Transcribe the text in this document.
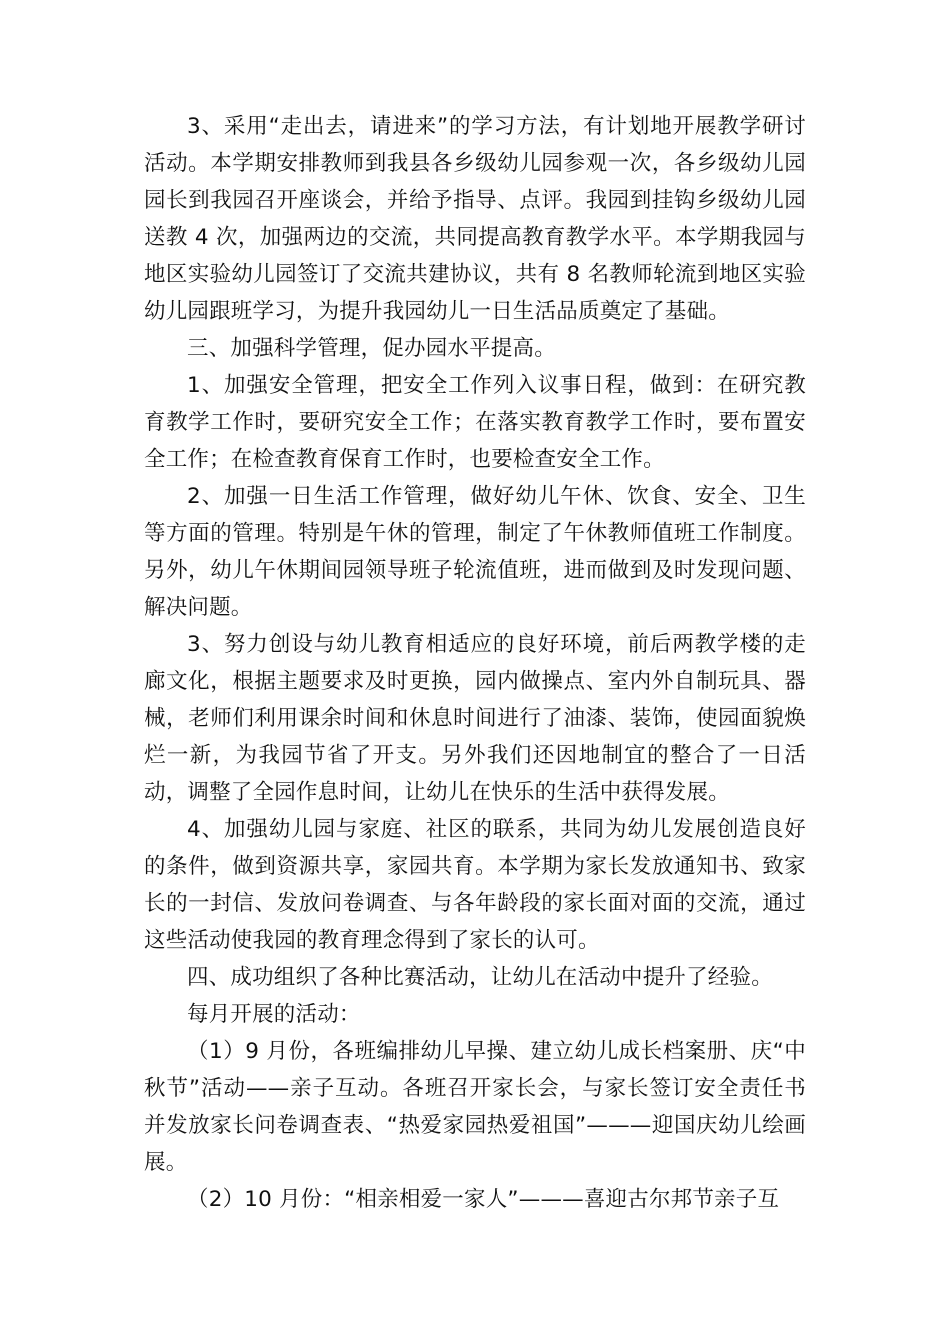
3、采用“走出去，请进来”的学习方法，有计划地开展教学研讨活动。本学期安排教师到我县各乡级幼儿园参观一次，各乡级幼儿园园长到我园召开座谈会，并给予指导、点评。我园到挂钩乡级幼儿园送教 4 次，加强两边的交流，共同提高教育教学水平。本学期我园与地区实验幼儿园签订了交流共建协议，共有 8 名教师轮流到地区实验幼儿园跟班学习，为提升我园幼儿一日生活品质奠定了基础。

三、加强科学管理，促办园水平提高。

1、加强安全管理，把安全工作列入议事日程，做到：在研究教育教学工作时，要研究安全工作；在落实教育教学工作时，要布置安全工作；在检查教育保育工作时，也要检查安全工作。

2、加强一日生活工作管理，做好幼儿午休、饮食、安全、卫生等方面的管理。特别是午休的管理，制定了午休教师值班工作制度。另外，幼儿午休期间园领导班子轮流值班，进而做到及时发现问题、解决问题。

3、努力创设与幼儿教育相适应的良好环境，前后两教学楼的走廊文化，根据主题要求及时更换，园内做操点、室内外自制玩具、器械，老师们利用课余时间和休息时间进行了油漆、装饰，使园面貌焕烂一新，为我园节省了开支。另外我们还因地制宜的整合了一日活动，调整了全园作息时间，让幼儿在快乐的生活中获得发展。

4、加强幼儿园与家庭、社区的联系，共同为幼儿发展创造良好的条件，做到资源共享，家园共育。本学期为家长发放通知书、致家长的一封信、发放问卷调查、与各年龄段的家长面对面的交流，通过这些活动使我园的教育理念得到了家长的认可。

四、成功组织了各种比赛活动，让幼儿在活动中提升了经验。

每月开展的活动：

（1）9 月份，各班编排幼儿早操、建立幼儿成长档案册、庆“中秋节”活动——亲子互动。各班召开家长会，与家长签订安全责任书并发放家长问卷调查表、“热爱家园热爱祖国”———迎国庆幼儿绘画展。

（2）10 月份：“相亲相爱一家人”———喜迎古尔邦节亲子互
